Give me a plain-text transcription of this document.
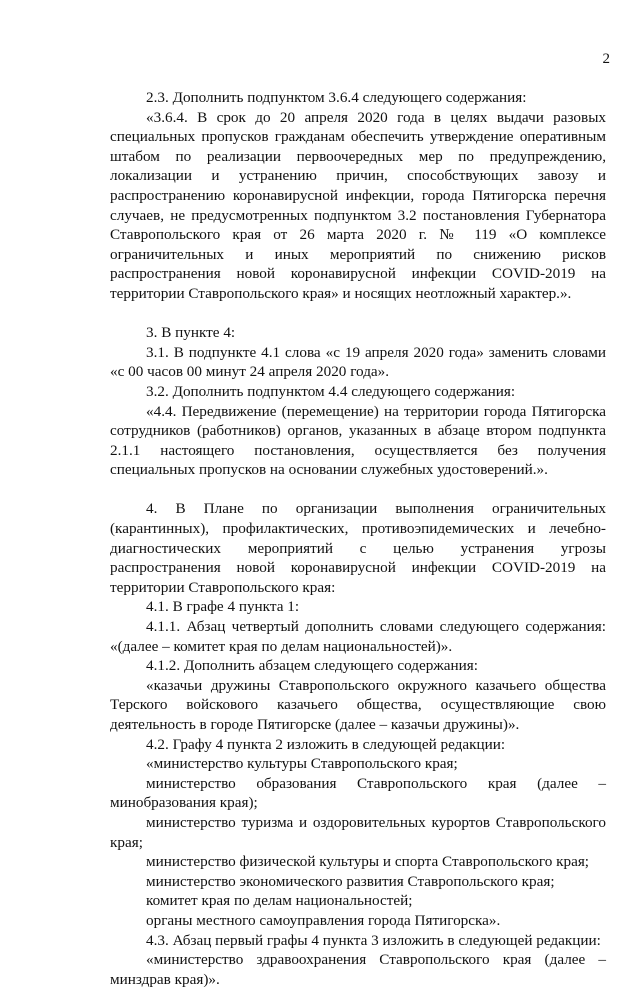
2

2.3. Дополнить подпунктом 3.6.4 следующего содержания:

«3.6.4. В срок до 20 апреля 2020 года в целях выдачи разовых специальных пропусков гражданам обеспечить утверждение оперативным штабом по реализации первоочередных мер по предупреждению, локализации и устранению причин, способствующих завозу и распространению коронавирусной инфекции, города Пятигорска перечня случаев, не предусмотренных подпунктом 3.2 постановления Губернатора Ставропольского края от 26 марта 2020 г. № 119 «О комплексе ограничительных и иных мероприятий по снижению рисков распространения новой коронавирусной инфекции COVID-2019 на территории Ставропольского края» и носящих неотложный характер.».

3. В пункте 4:

3.1. В подпункте 4.1 слова «с 19 апреля 2020 года» заменить словами «с 00 часов 00 минут 24 апреля 2020 года».

3.2. Дополнить подпунктом 4.4 следующего содержания:

«4.4. Передвижение (перемещение) на территории города Пятигорска сотрудников (работников) органов, указанных в абзаце втором подпункта 2.1.1 настоящего постановления, осуществляется без получения специальных пропусков на основании служебных удостоверений.».

4. В Плане по организации выполнения ограничительных (карантинных), профилактических, противоэпидемических и лечебно-диагностических мероприятий с целью устранения угрозы распространения новой коронавирусной инфекции COVID-2019 на территории Ставропольского края:

4.1. В графе 4 пункта 1:

4.1.1. Абзац четвертый дополнить словами следующего содержания: «(далее – комитет края по делам национальностей)».

4.1.2. Дополнить абзацем следующего содержания:

«казачьи дружины Ставропольского окружного казачьего общества Терского войскового казачьего общества, осуществляющие свою деятельность в городе Пятигорске (далее – казачьи дружины)».

4.2. Графу 4 пункта 2 изложить в следующей редакции:

«министерство культуры Ставропольского края;

министерство образования Ставропольского края (далее – минобразования края);

министерство туризма и оздоровительных курортов Ставропольского края;

министерство физической культуры и спорта Ставропольского края;

министерство экономического развития Ставропольского края;

комитет края по делам национальностей;

органы местного самоуправления города Пятигорска».

4.3. Абзац первый графы 4 пункта 3 изложить в следующей редакции:

«министерство здравоохранения Ставропольского края (далее – минздрав края)».
